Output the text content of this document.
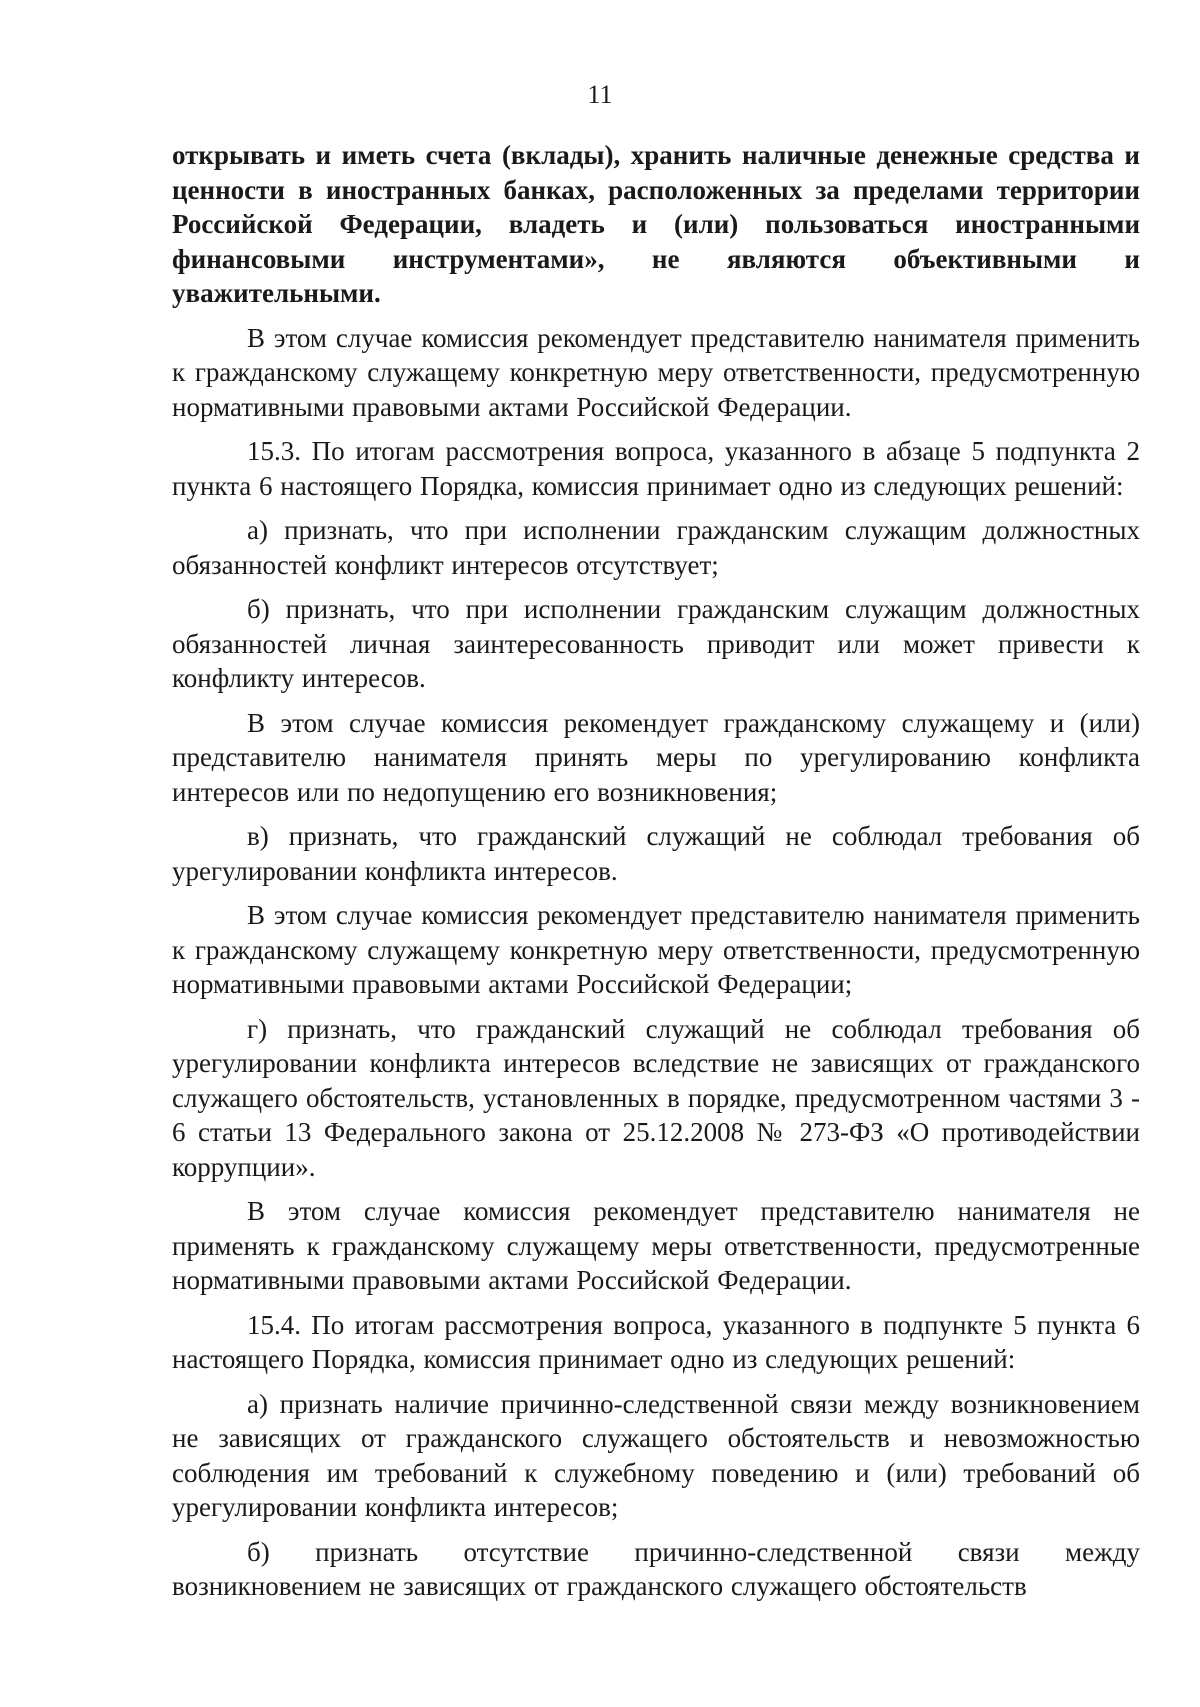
11

открывать и иметь счета (вклады), хранить наличные денежные средства и ценности в иностранных банках, расположенных за пределами территории Российской Федерации, владеть и (или) пользоваться иностранными финансовыми инструментами», не являются объективными и уважительными.

В этом случае комиссия рекомендует представителю нанимателя применить к гражданскому служащему конкретную меру ответственности, предусмотренную нормативными правовыми актами Российской Федерации.

15.3. По итогам рассмотрения вопроса, указанного в абзаце 5 подпункта 2 пункта 6 настоящего Порядка, комиссия принимает одно из следующих решений:

а) признать, что при исполнении гражданским служащим должностных обязанностей конфликт интересов отсутствует;

б) признать, что при исполнении гражданским служащим должностных обязанностей личная заинтересованность приводит или может привести к конфликту интересов.

В этом случае комиссия рекомендует гражданскому служащему и (или) представителю нанимателя принять меры по урегулированию конфликта интересов или по недопущению его возникновения;

в) признать, что гражданский служащий не соблюдал требования об урегулировании конфликта интересов.

В этом случае комиссия рекомендует представителю нанимателя применить к гражданскому служащему конкретную меру ответственности, предусмотренную нормативными правовыми актами Российской Федерации;

г) признать, что гражданский служащий не соблюдал требования об урегулировании конфликта интересов вследствие не зависящих от гражданского служащего обстоятельств, установленных в порядке, предусмотренном частями 3 - 6 статьи 13 Федерального закона от 25.12.2008 № 273-ФЗ «О противодействии коррупции».

В этом случае комиссия рекомендует представителю нанимателя не применять к гражданскому служащему меры ответственности, предусмотренные нормативными правовыми актами Российской Федерации.

15.4. По итогам рассмотрения вопроса, указанного в подпункте 5 пункта 6 настоящего Порядка, комиссия принимает одно из следующих решений:

а) признать наличие причинно-следственной связи между возникновением не зависящих от гражданского служащего обстоятельств и невозможностью соблюдения им требований к служебному поведению и (или) требований об урегулировании конфликта интересов;

б) признать отсутствие причинно-следственной связи между возникновением не зависящих от гражданского служащего обстоятельств
